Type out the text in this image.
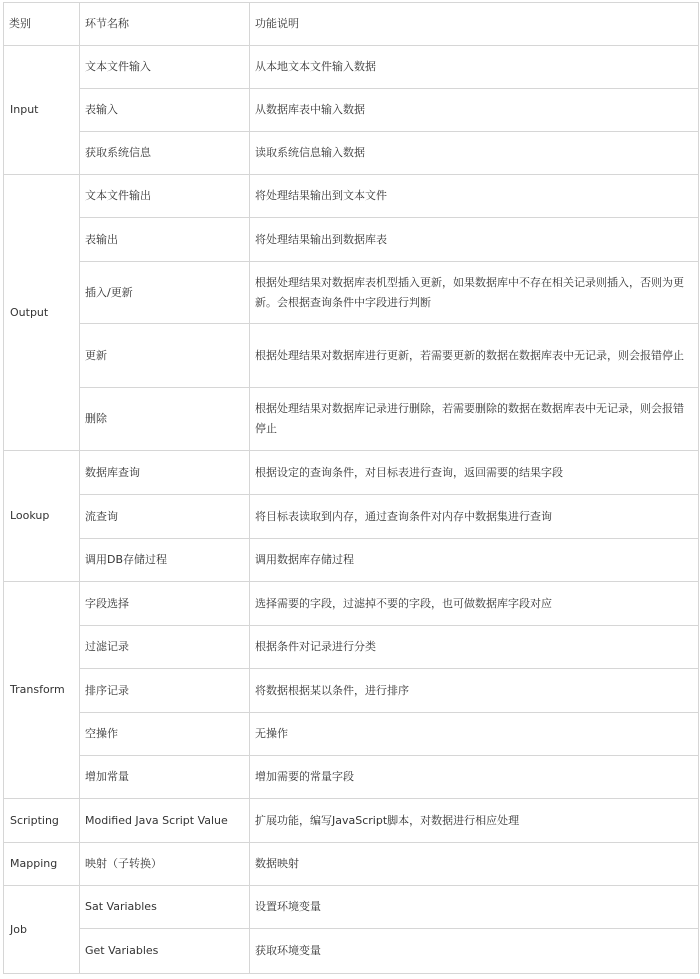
类别	环节名称	功能说明
Input	文本文件输入	从本地文本文件输入数据
	表输入	从数据库表中输入数据
	获取系统信息	读取系统信息输入数据
Output	文本文件输出	将处理结果输出到文本文件
	表输出	将处理结果输出到数据库表
	插入/更新	根据处理结果对数据库表机型插入更新，如果数据库中不存在相关记录则插入，否则为更新。会根据查询条件中字段进行判断
	更新	根据处理结果对数据库进行更新，若需要更新的数据在数据库表中无记录，则会报错停止
	删除	根据处理结果对数据库记录进行删除，若需要删除的数据在数据库表中无记录，则会报错停止
Lookup	数据库查询	根据设定的查询条件，对目标表进行查询，返回需要的结果字段
	流查询	将目标表读取到内存，通过查询条件对内存中数据集进行查询
	调用DB存储过程	调用数据库存储过程
Transform	字段选择	选择需要的字段，过滤掉不要的字段，也可做数据库字段对应
	过滤记录	根据条件对记录进行分类
	排序记录	将数据根据某以条件，进行排序
	空操作	无操作
	增加常量	增加需要的常量字段
Scripting	Modified Java Script Value	扩展功能，编写JavaScript脚本，对数据进行相应处理
Mapping	映射（子转换）	数据映射
Job	Sat Variables	设置环境变量
	Get Variables	获取环境变量
